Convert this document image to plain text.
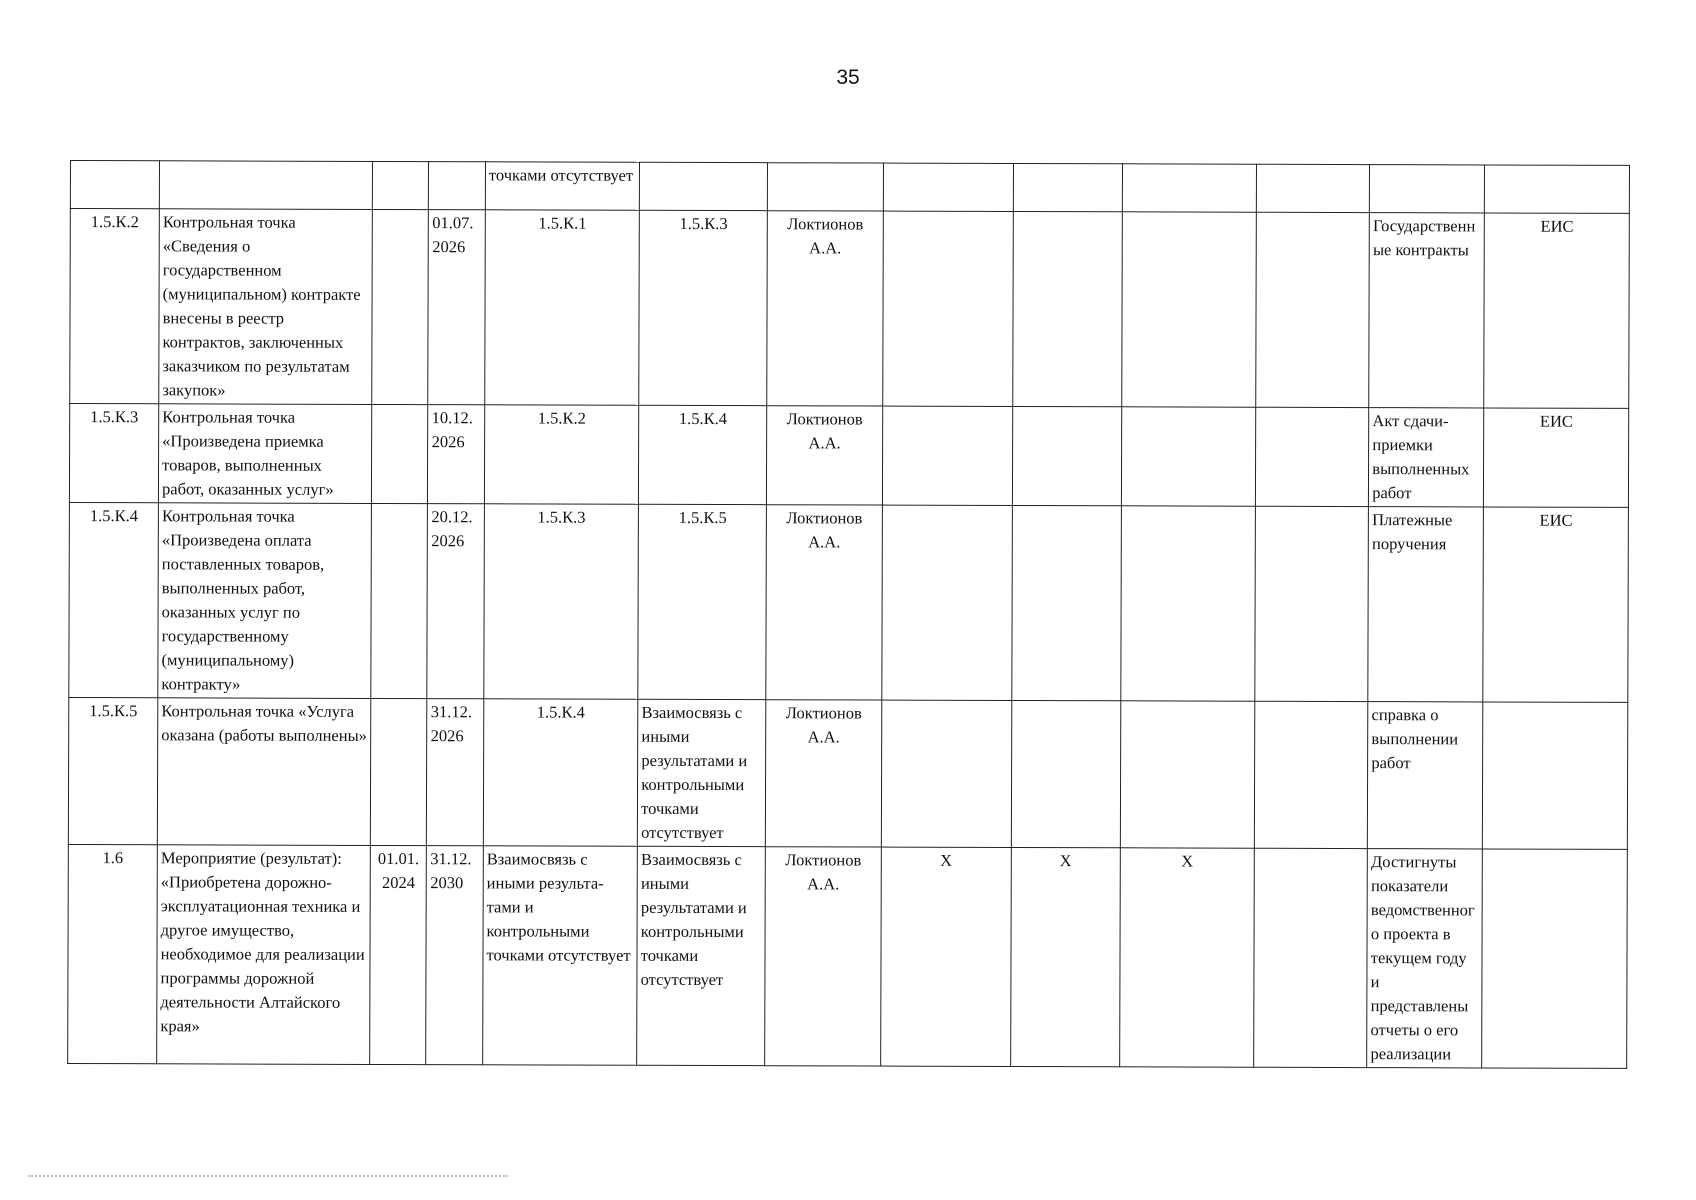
35
				точками отсутствует								
1.5.К.2	Контрольная точка «Сведения о государственном (муниципальном) контракте внесены в реестр контрактов, заключенных заказчиком по результатам закупок»		01.07. 2026	1.5.К.1	1.5.К.3	Локтионов А.А.					Государственные контракты	ЕИС
1.5.К.3	Контрольная точка «Произведена приемка товаров, выполненных работ, оказанных услуг»		10.12. 2026	1.5.К.2	1.5.К.4	Локтионов А.А.					Акт сдачи-приемки выполненных работ	ЕИС
1.5.К.4	Контрольная точка «Произведена оплата поставленных товаров, выполненных работ, оказанных услуг по государственному (муниципальному) контракту»		20.12. 2026	1.5.К.3	1.5.К.5	Локтионов А.А.					Платежные поручения	ЕИС
1.5.К.5	Контрольная точка «Услуга оказана (работы выполнены»		31.12. 2026	1.5.К.4	Взаимосвязь с иными результатами и контрольными точками отсутствует	Локтионов А.А.					справка о выполнении работ	
1.6	Мероприятие (результат): «Приобретена дорожно-эксплуатационная техника и другое имущество, необходимое для реализации программы дорожной деятельности Алтайского края»	01.01. 2024	31.12. 2030	Взаимосвязь с иными результа-тами и контрольными точками отсутствует	Взаимосвязь с иными результатами и контрольными точками отсутствует	Локтионов А.А.	X	X	X		Достигнуты показатели ведомственного проекта в текущем году и представлены отчеты о его реализации	
